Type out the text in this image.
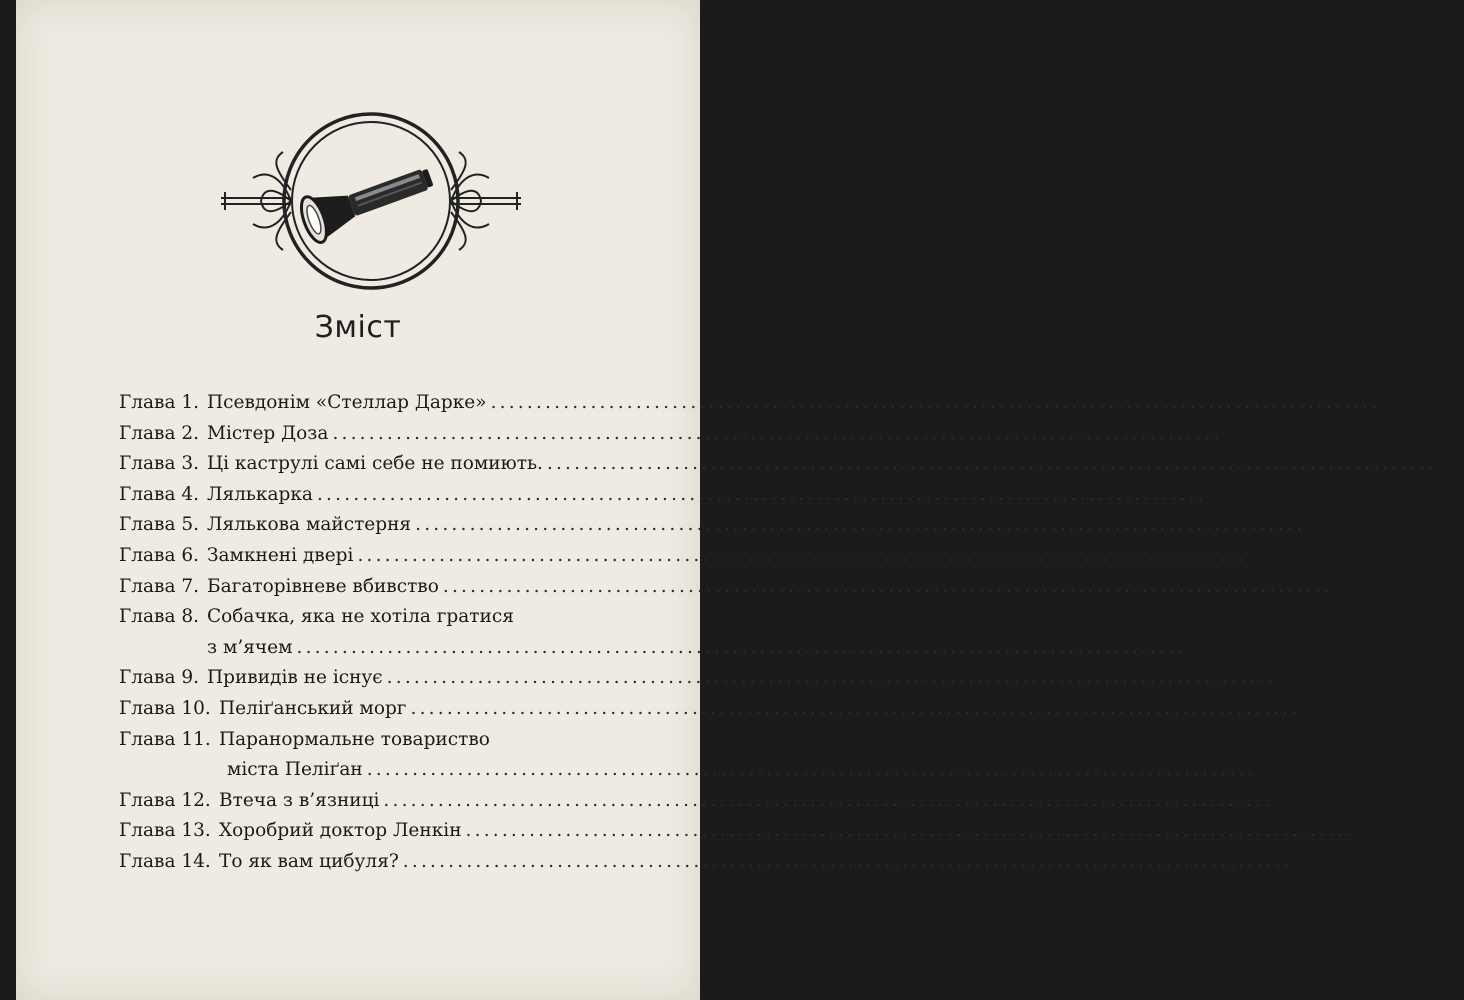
Зміст
Глава 1. Псевдонім «Стеллар Дарке» .................................................................................................. 7
Глава 2. Містер Доза .................................................................................................. 22
Глава 3. Ці каструлі самі себе не помиють. .................................................................................................. 31
Глава 4. Лялькарка .................................................................................................. 45
Глава 5. Лялькова майстерня .................................................................................................. 59
Глава 6. Замкнені двері .................................................................................................. 69
Глава 7. Багаторівневе вбивство .................................................................................................. 82
Глава 8. Собачка, яка не хотіла гратися
з м’ячем .................................................................................................. 99
Глава 9. Привидів не існує .................................................................................................. 109
Глава 10. Пеліґанський морг .................................................................................................. 124
Глава 11. Паранормальне товариство
міста Пеліґан .................................................................................................. 140
Глава 12. Втеча з в’язниці .................................................................................................. 154
Глава 13. Хоробрий доктор Ленкін .................................................................................................. 164
Глава 14. То як вам цибуля? .................................................................................................. 171
